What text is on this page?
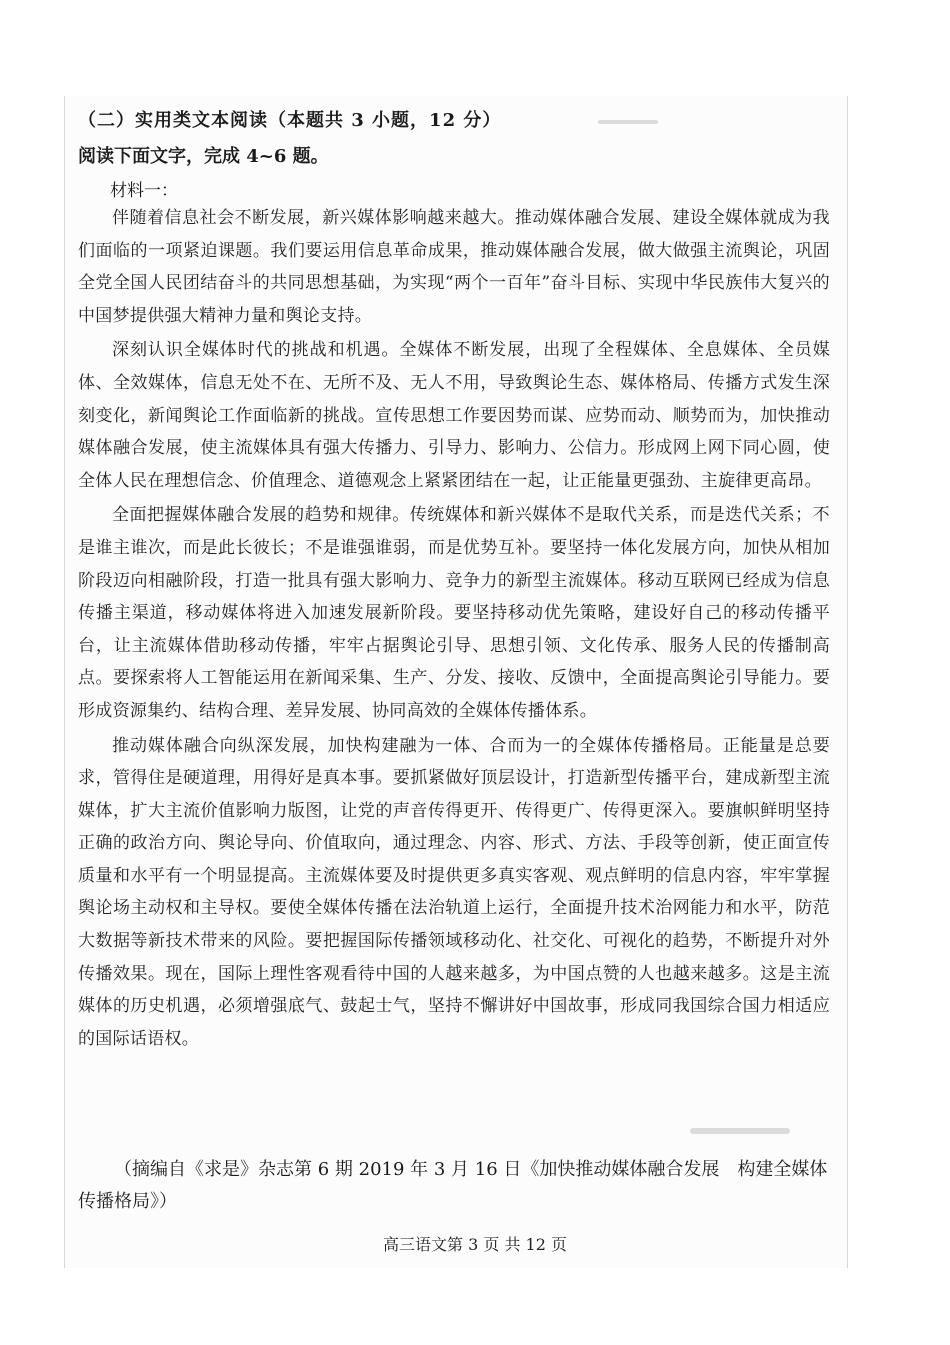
（二）实用类文本阅读（本题共 3 小题，12 分）
阅读下面文字，完成 4~6 题。
材料一：

伴随着信息社会不断发展，新兴媒体影响越来越大。推动媒体融合发展、建设全媒体就成为我们面临的一项紧迫课题。我们要运用信息革命成果，推动媒体融合发展，做大做强主流舆论，巩固全党全国人民团结奋斗的共同思想基础，为实现“两个一百年”奋斗目标、实现中华民族伟大复兴的中国梦提供强大精神力量和舆论支持。

深刻认识全媒体时代的挑战和机遇。全媒体不断发展，出现了全程媒体、全息媒体、全员媒体、全效媒体，信息无处不在、无所不及、无人不用，导致舆论生态、媒体格局、传播方式发生深刻变化，新闻舆论工作面临新的挑战。宣传思想工作要因势而谋、应势而动、顺势而为，加快推动媒体融合发展，使主流媒体具有强大传播力、引导力、影响力、公信力。形成网上网下同心圆，使全体人民在理想信念、价值理念、道德观念上紧紧团结在一起，让正能量更强劲、主旋律更高昂。

全面把握媒体融合发展的趋势和规律。传统媒体和新兴媒体不是取代关系，而是迭代关系；不是谁主谁次，而是此长彼长；不是谁强谁弱，而是优势互补。要坚持一体化发展方向，加快从相加阶段迈向相融阶段，打造一批具有强大影响力、竞争力的新型主流媒体。移动互联网已经成为信息传播主渠道，移动媒体将进入加速发展新阶段。要坚持移动优先策略，建设好自己的移动传播平台，让主流媒体借助移动传播，牢牢占据舆论引导、思想引领、文化传承、服务人民的传播制高点。要探索将人工智能运用在新闻采集、生产、分发、接收、反馈中，全面提高舆论引导能力。要形成资源集约、结构合理、差异发展、协同高效的全媒体传播体系。

推动媒体融合向纵深发展，加快构建融为一体、合而为一的全媒体传播格局。正能量是总要求，管得住是硬道理，用得好是真本事。要抓紧做好顶层设计，打造新型传播平台，建成新型主流媒体，扩大主流价值影响力版图，让党的声音传得更开、传得更广、传得更深入。要旗帜鲜明坚持正确的政治方向、舆论导向、价值取向，通过理念、内容、形式、方法、手段等创新，使正面宣传质量和水平有一个明显提高。主流媒体要及时提供更多真实客观、观点鲜明的信息内容，牢牢掌握舆论场主动权和主导权。要使全媒体传播在法治轨道上运行，全面提升技术治网能力和水平，防范大数据等新技术带来的风险。要把握国际传播领域移动化、社交化、可视化的趋势，不断提升对外传播效果。现在，国际上理性客观看待中国的人越来越多，为中国点赞的人也越来越多。这是主流媒体的历史机遇，必须增强底气、鼓起士气，坚持不懈讲好中国故事，形成同我国综合国力相适应的国际话语权。

（摘编自《求是》杂志第 6 期 2019 年 3 月 16 日《加快推动媒体融合发展　构建全媒体传播格局》）
高三语文第 3 页 共 12 页
